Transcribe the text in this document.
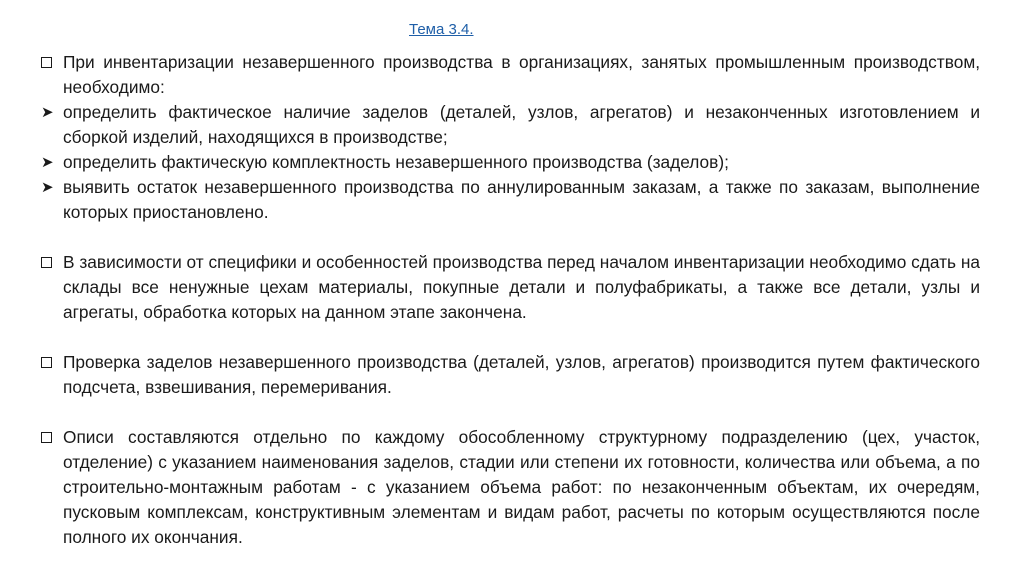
Тема 3.4.
При инвентаризации незавершенного производства в организациях, занятых промышленным производством, необходимо:
➤ определить фактическое наличие заделов (деталей, узлов, агрегатов) и незаконченных изготовлением и сборкой изделий, находящихся в производстве;
➤ определить фактическую комплектность незавершенного производства (заделов);
➤ выявить остаток незавершенного производства по аннулированным заказам, а также по заказам, выполнение которых приостановлено.
В зависимости от специфики и особенностей производства перед началом инвентаризации необходимо сдать на склады все ненужные цехам материалы, покупные детали и полуфабрикаты, а также все детали, узлы и агрегаты, обработка которых на данном этапе закончена.
Проверка заделов незавершенного производства (деталей, узлов, агрегатов) производится путем фактического подсчета, взвешивания, перемеривания.
Описи составляются отдельно по каждому обособленному структурному подразделению (цех, участок, отделение) с указанием наименования заделов, стадии или степени их готовности, количества или объема, а по строительно-монтажным работам - с указанием объема работ: по незаконченным объектам, их очередям, пусковым комплексам, конструктивным элементам и видам работ, расчеты по которым осуществляются после полного их окончания.
